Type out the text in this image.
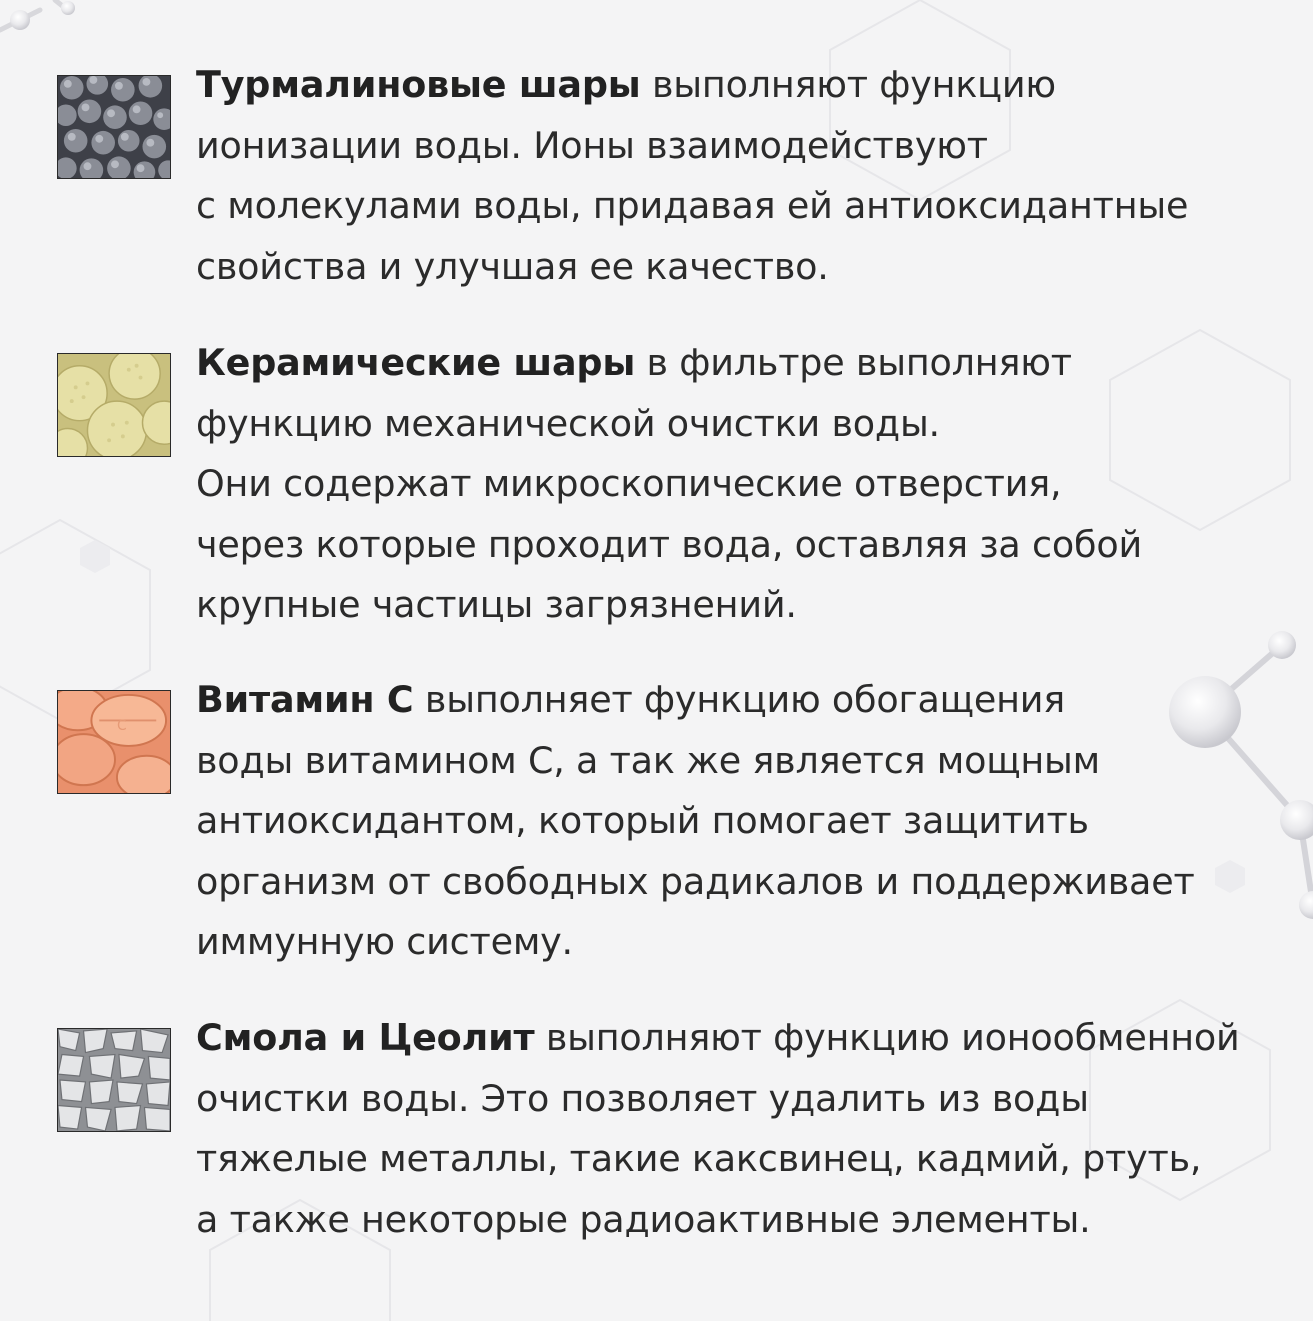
Турмалиновые шары выполняют функцию
ионизации воды. Ионы взаимодействуют
с молекулами воды, придавая ей антиоксидантные
свойства и улучшая ее качество.
Керамические шары в фильтре выполняют
функцию механической очистки воды.
Они содержат микроскопические отверстия,
через которые проходит вода, оставляя за собой
крупные частицы загрязнений.
C
Витамин С выполняет функцию обогащения
воды витамином С, а так же является мощным
антиоксидантом, который помогает защитить
организм от свободных радикалов и поддерживает
иммунную систему.
Смола и Цеолит выполняют функцию ионообменной
очистки воды. Это позволяет удалить из воды
тяжелые металлы, такие каксвинец, кадмий, ртуть,
а также некоторые радиоактивные элементы.
